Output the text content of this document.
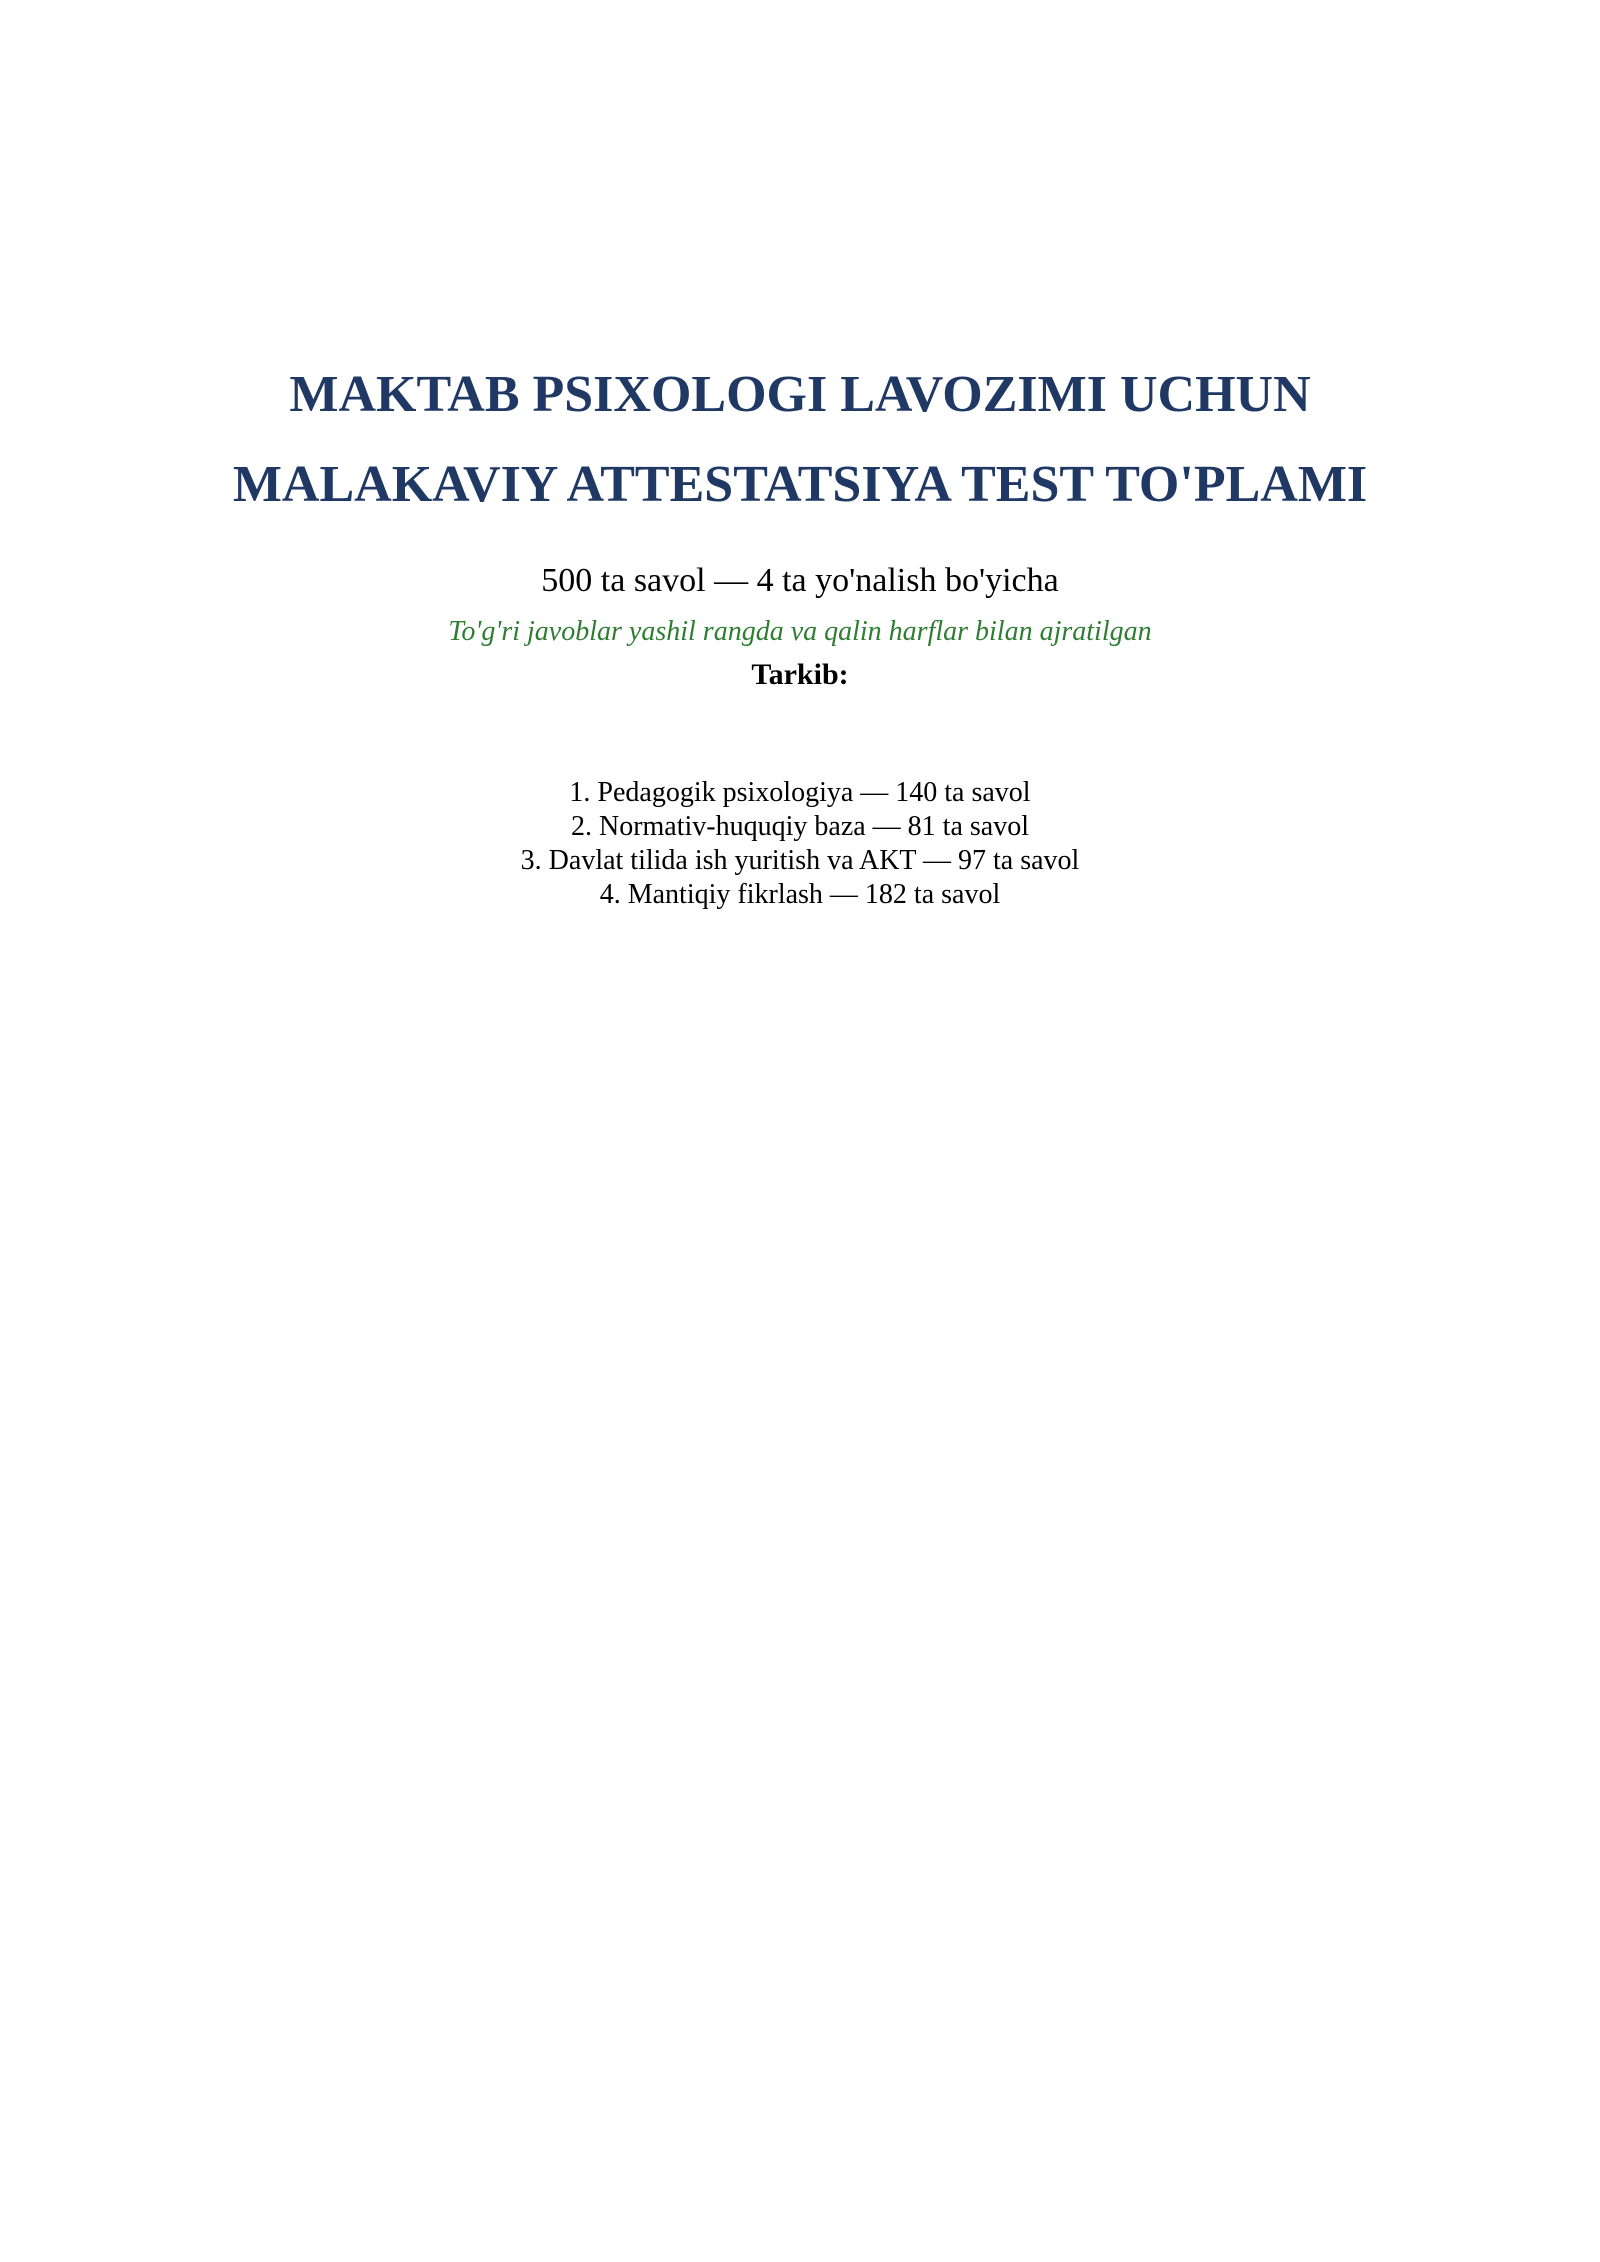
MAKTAB PSIXOLOGI LAVOZIMI UCHUN
MALAKAVIY ATTESTATSIYA TEST TO'PLAMI
500 ta savol — 4 ta yo'nalish bo'yicha
To'g'ri javoblar yashil rangda va qalin harflar bilan ajratilgan
Tarkib:
1. Pedagogik psixologiya — 140 ta savol
2. Normativ-huquqiy baza — 81 ta savol
3. Davlat tilida ish yuritish va AKT — 97 ta savol
4. Mantiqiy fikrlash — 182 ta savol
